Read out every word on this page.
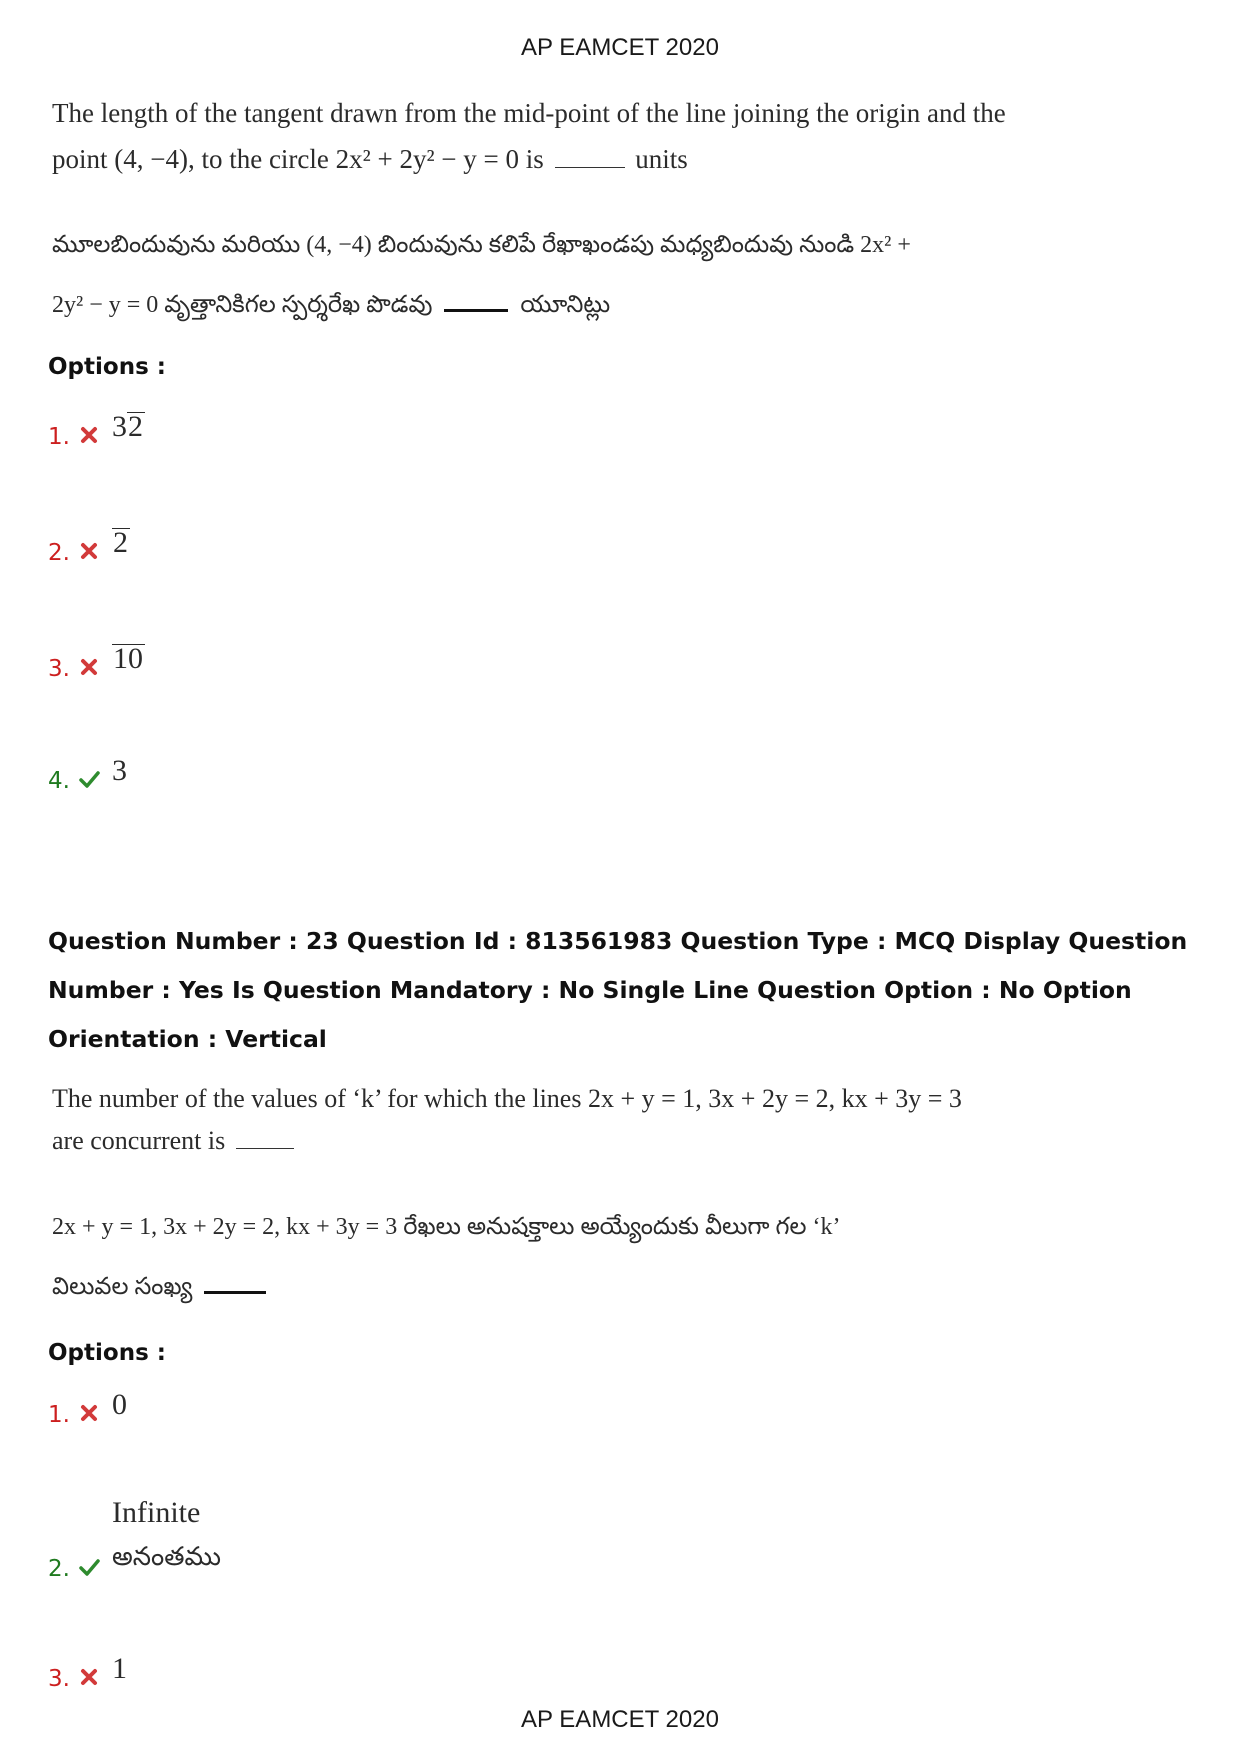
AP EAMCET 2020
The length of the tangent drawn from the mid-point of the line joining the origin and the
point (4, −4), to the circle 2x² + 2y² − y = 0 is	units
మూలబిందువును మరియు (4, −4) బిందువును కలిపే రేఖాఖండపు మధ్యబిందువు నుండి 2x² +
2y² − y = 0 వృత్తానికిగల స్పర్శరేఖ పొడవు	యూనిట్లు
Options :
1. 32
2. 2
3. 10
4. 3
Question Number : 23 Question Id : 813561983 Question Type : MCQ Display Question Number : Yes Is Question Mandatory : No Single Line Question Option : No Option Orientation : Vertical
The number of the values of ‘k’ for which the lines 2x + y = 1, 3x + 2y = 2, kx + 3y = 3
are concurrent is
2x + y = 1, 3x + 2y = 2, kx + 3y = 3 రేఖలు అనుషక్తాలు అయ్యేందుకు వీలుగా గల ‘k’
విలువల సంఖ్య
Options :
1. 0
Infinite
2. అనంతము
3. 1
AP EAMCET 2020
